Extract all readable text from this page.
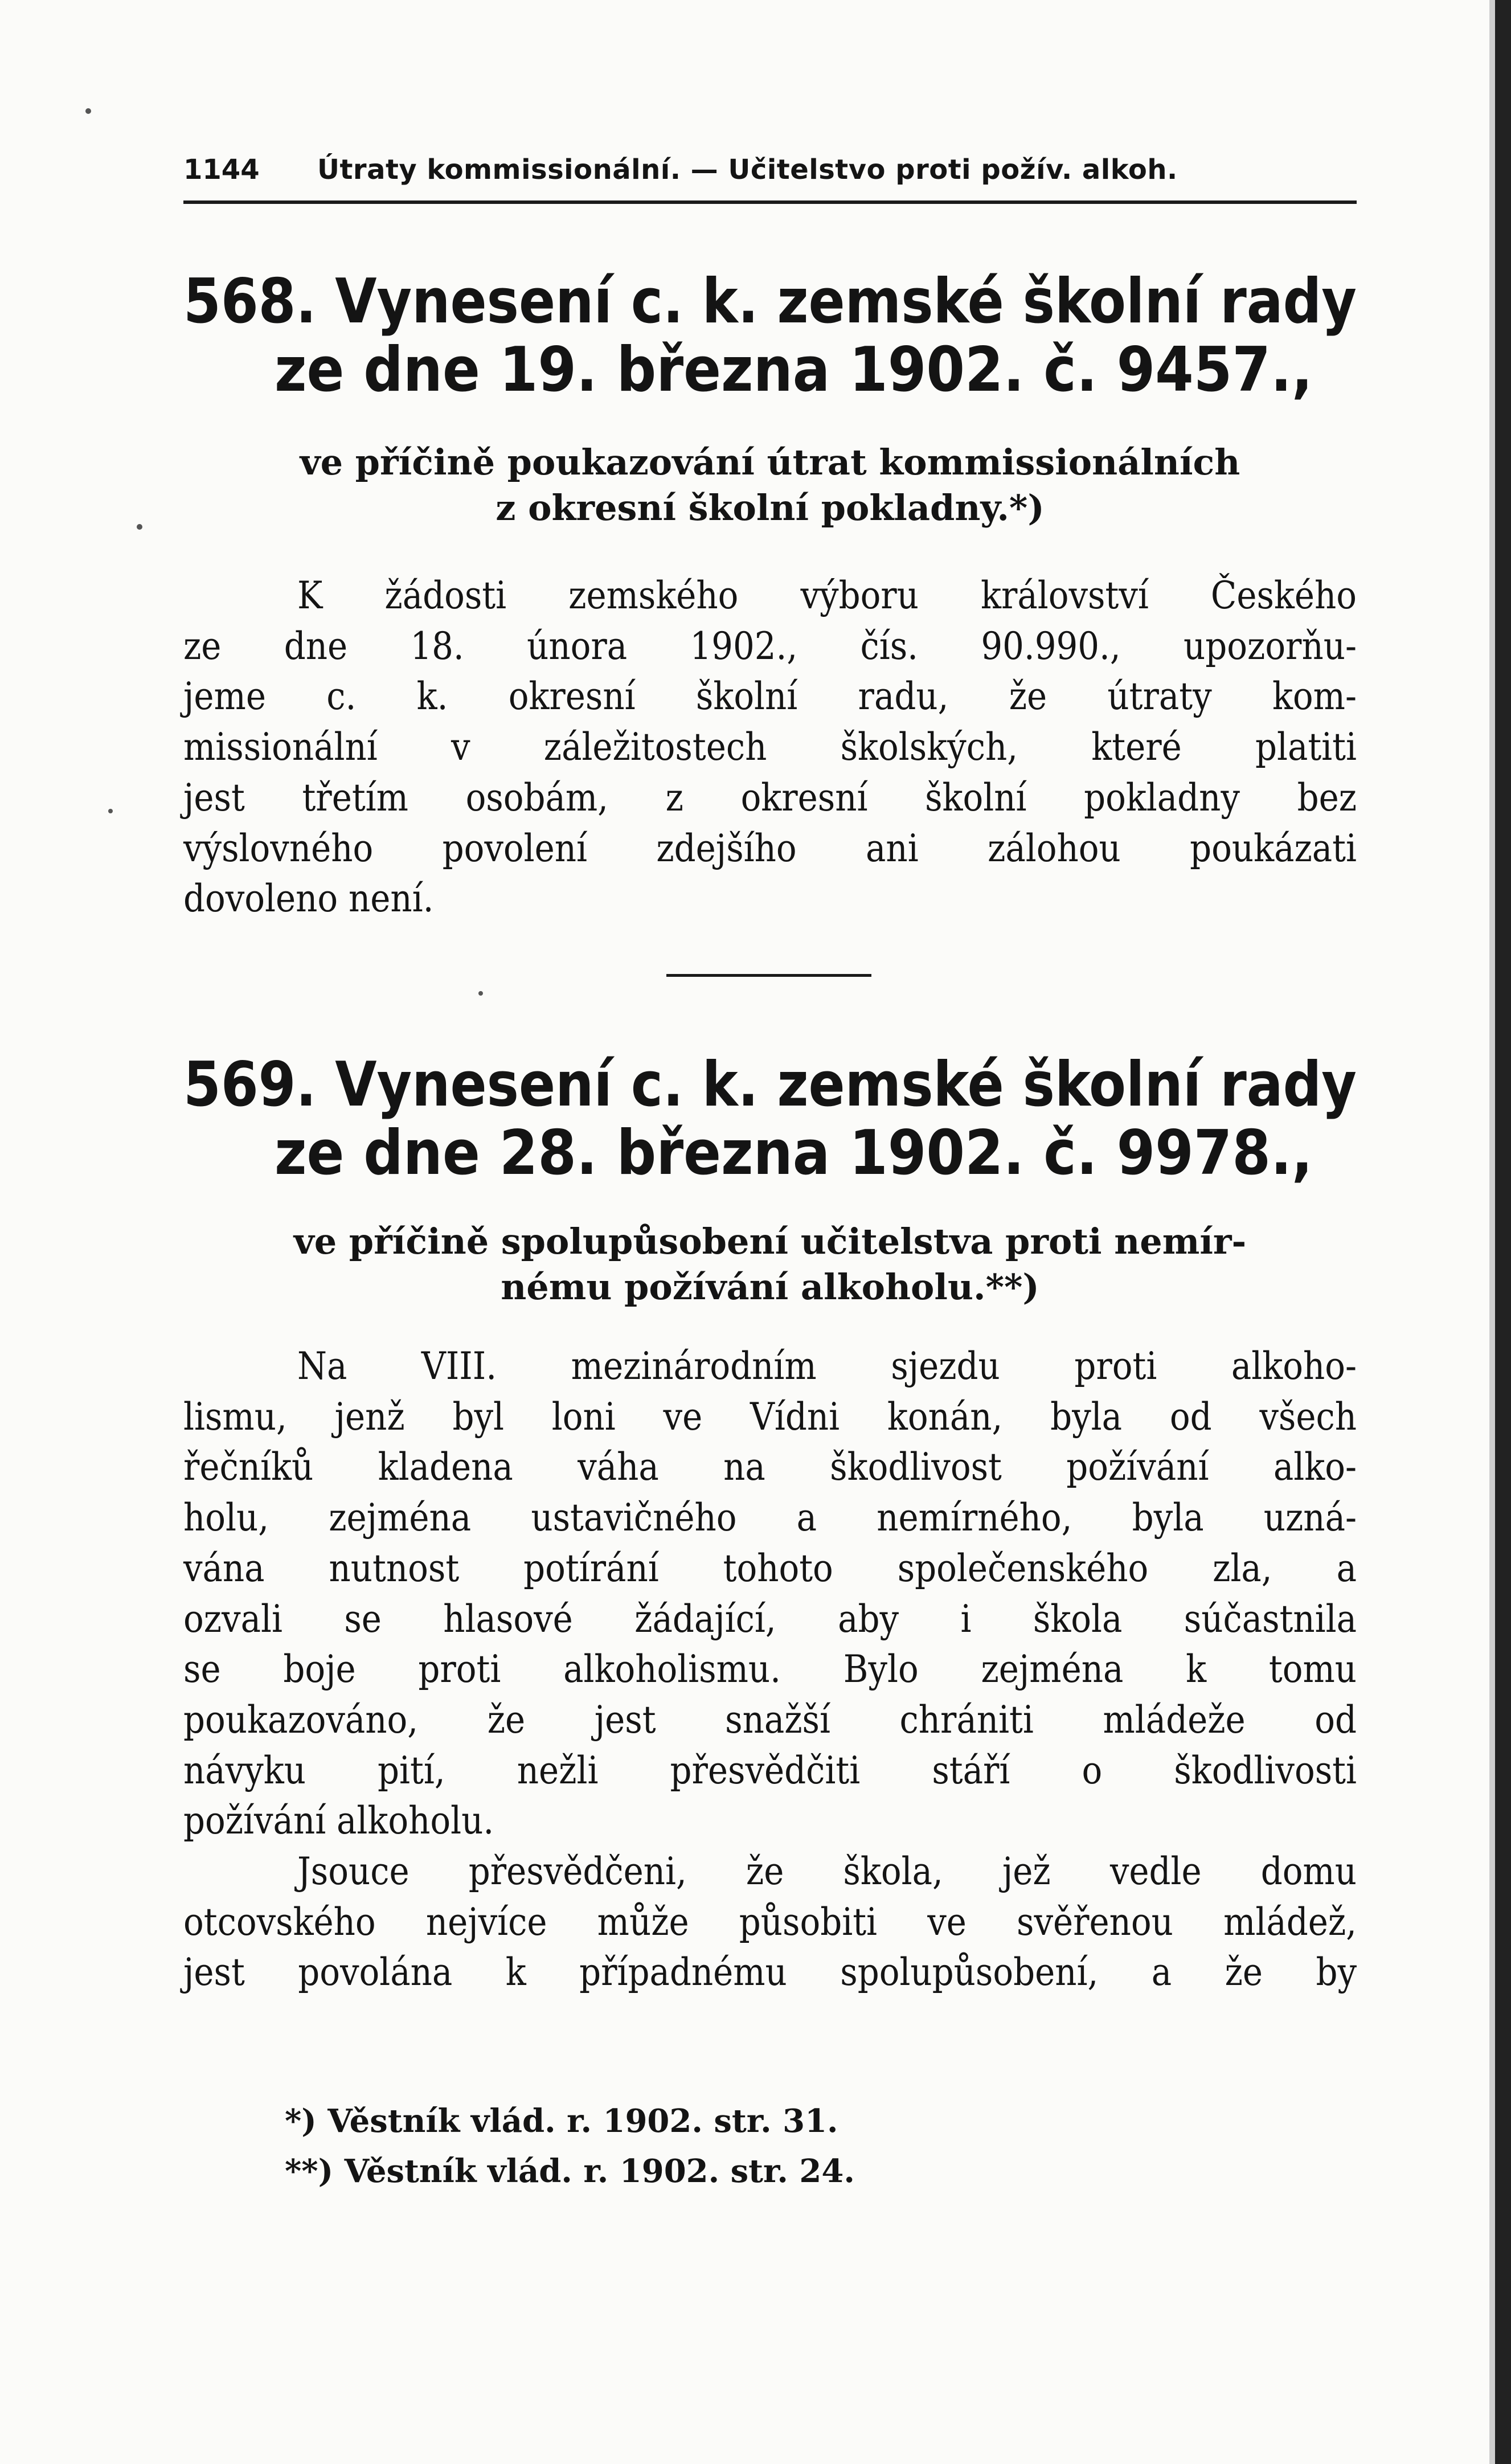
1144 Útraty kommissionální. — Učitelstvo proti požív. alkoh.
568. Vynesení c. k. zemské školní rady
ze dne 19. března 1902. č. 9457.,
ve příčině poukazování útrat kommissionálních
z okresní školní pokladny.*)
K žádosti zemského výboru království Českého
ze dne 18. února 1902., čís. 90.990., upozorňu-
jeme c. k. okresní školní radu, že útraty kom-
missionální v záležitostech školských, které platiti
jest třetím osobám, z okresní školní pokladny bez
výslovného povolení zdejšího ani zálohou poukázati
dovoleno není.
569. Vynesení c. k. zemské školní rady
ze dne 28. března 1902. č. 9978.,
ve příčině spolupůsobení učitelstva proti nemír-
nému požívání alkoholu.**)
Na VIII. mezinárodním sjezdu proti alkoho-
lismu, jenž byl loni ve Vídni konán, byla od všech
řečníků kladena váha na škodlivost požívání alko-
holu, zejména ustavičného a nemírného, byla uzná-
vána nutnost potírání tohoto společenského zla, a
ozvali se hlasové žádající, aby i škola súčastnila
se boje proti alkoholismu. Bylo zejména k tomu
poukazováno, že jest snažší chrániti mládeže od
návyku pití, nežli přesvědčiti stáří o škodlivosti
požívání alkoholu.
Jsouce přesvědčeni, že škola, jež vedle domu
otcovského nejvíce může působiti ve svěřenou mládež,
jest povolána k případnému spolupůsobení, a že by
*) Věstník vlád. r. 1902. str. 31.
**) Věstník vlád. r. 1902. str. 24.
